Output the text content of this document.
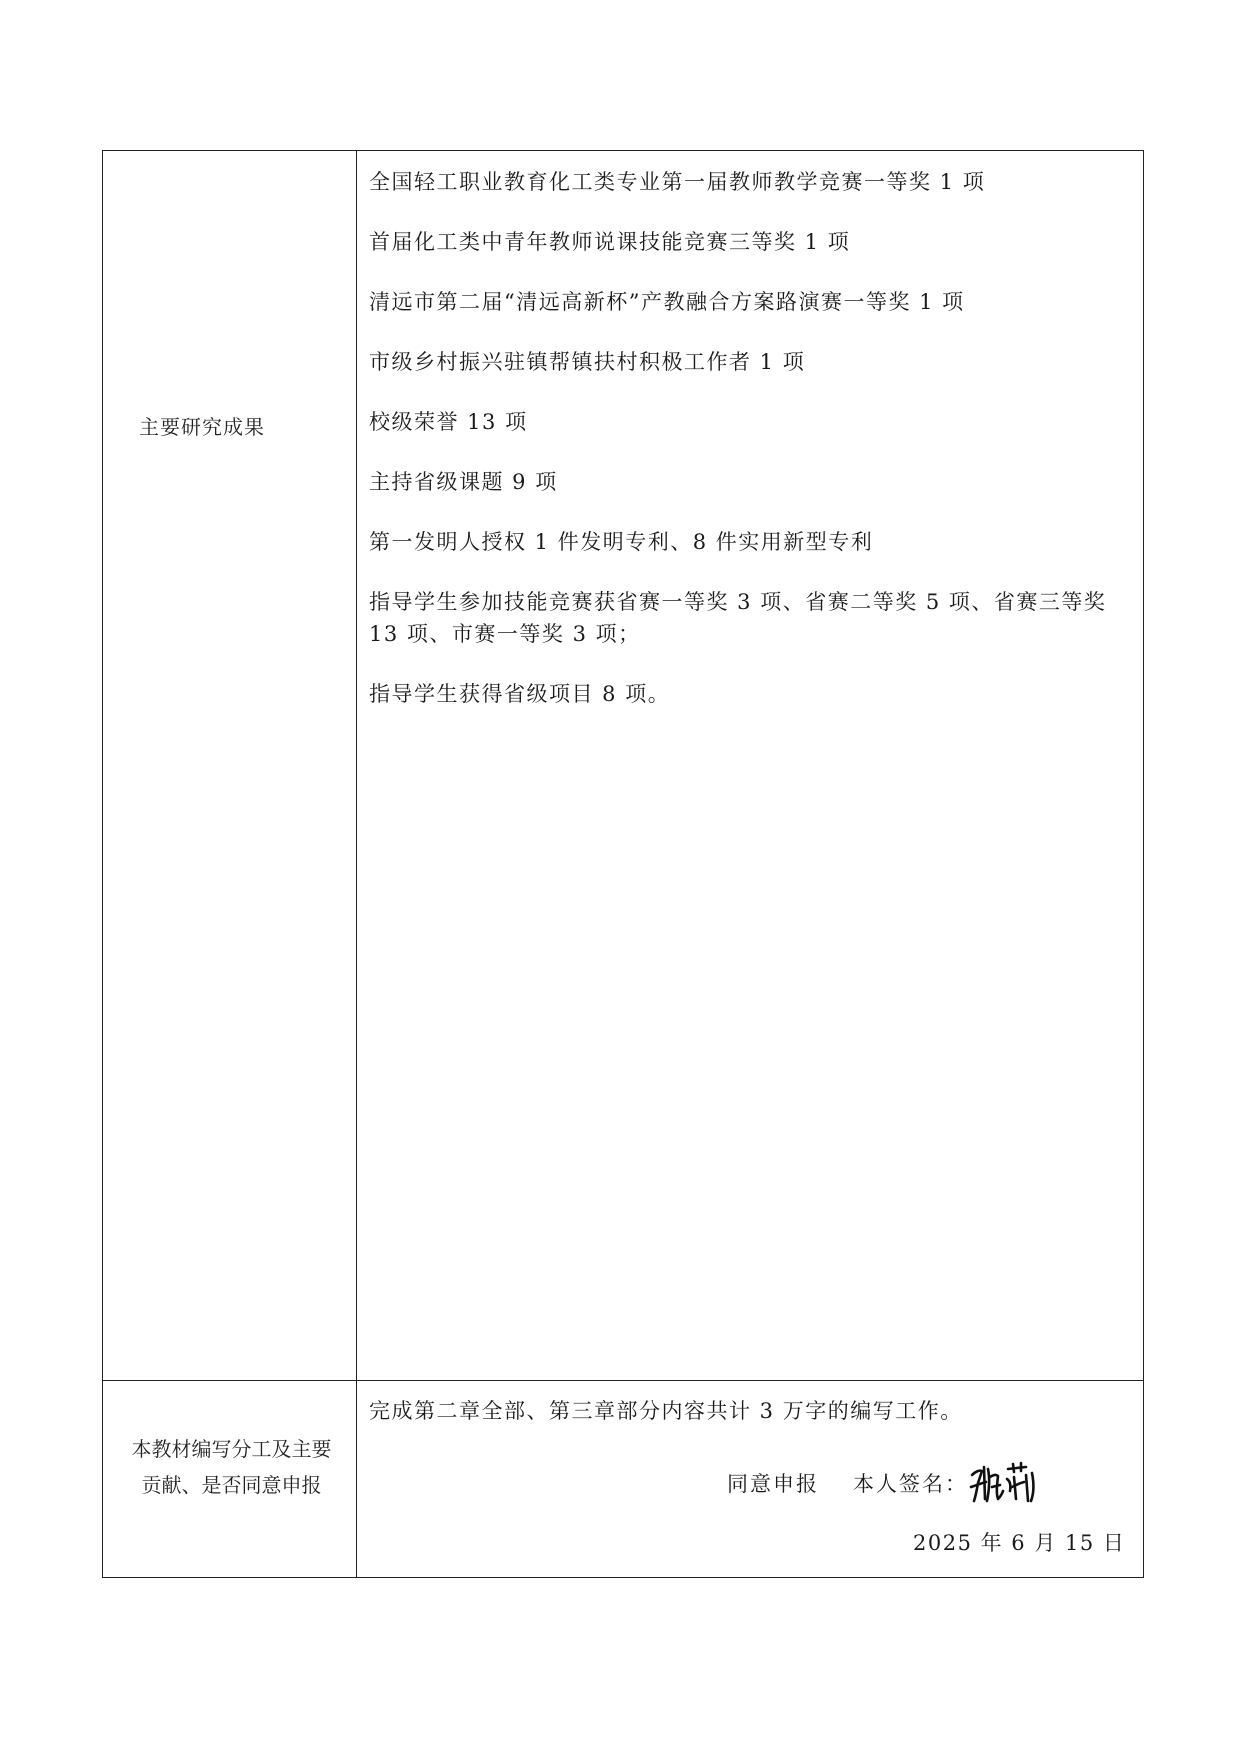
主要研究成果
全国轻工职业教育化工类专业第一届教师教学竞赛一等奖 1 项
首届化工类中青年教师说课技能竞赛三等奖 1 项
清远市第二届“清远高新杯”产教融合方案路演赛一等奖 1 项
市级乡村振兴驻镇帮镇扶村积极工作者 1 项
校级荣誉 13 项
主持省级课题 9 项
第一发明人授权 1 件发明专利、8 件实用新型专利
指导学生参加技能竞赛获省赛一等奖 3 项、省赛二等奖 5 项、省赛三等奖 13 项、市赛一等奖 3 项；
指导学生获得省级项目 8 项。
本教材编写分工及主要贡献、是否同意申报
完成第二章全部、第三章部分内容共计 3 万字的编写工作。
同意申报 本人签名：
2025 年 6 月 15 日
